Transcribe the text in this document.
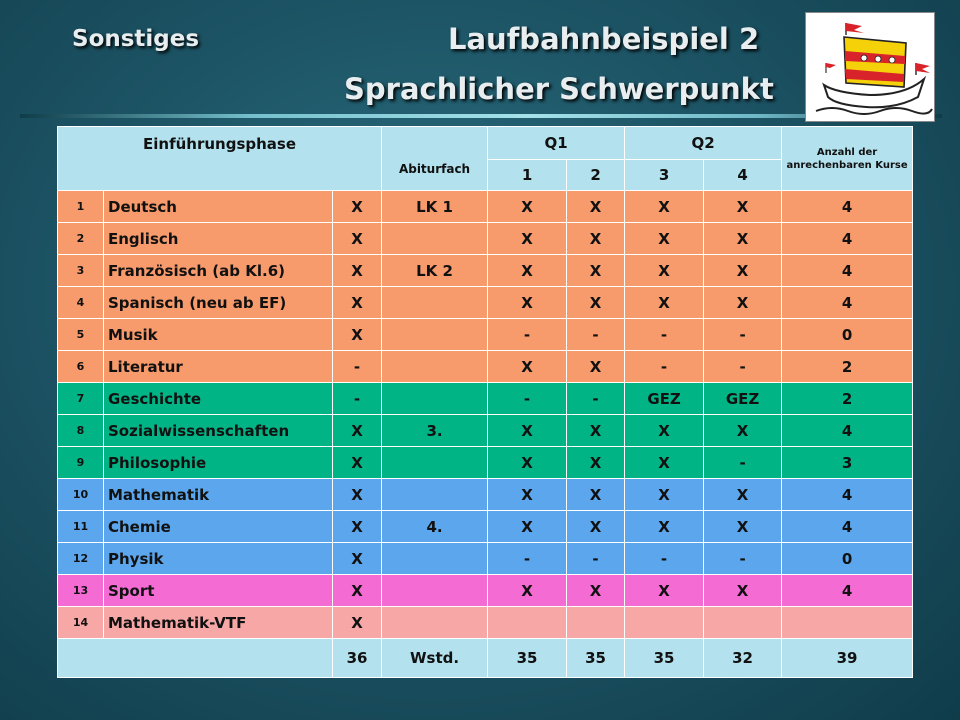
Sonstiges	Laufbahnbeispiel 2
Sprachlicher Schwerpunkt
Einführungsphase			Abiturfach	Q1		Q2		Anzahl der anrechenbaren Kurse
				1	2	3	4	
1	Deutsch	X	LK 1	X	X	X	X	4
2	Englisch	X		X	X	X	X	4
3	Französisch (ab Kl.6)	X	LK 2	X	X	X	X	4
4	Spanisch (neu ab EF)	X		X	X	X	X	4
5	Musik	X		-	-	-	-	0
6	Literatur	-		X	X	-	-	2
7	Geschichte	-		-	-	GEZ	GEZ	2
8	Sozialwissenschaften	X	3.	X	X	X	X	4
9	Philosophie	X		X	X	X	-	3
10	Mathematik	X		X	X	X	X	4
11	Chemie	X	4.	X	X	X	X	4
12	Physik	X		-	-	-	-	0
13	Sport	X		X	X	X	X	4
14	Mathematik-VTF	X						
		36	Wstd.	35	35	35	32	39
